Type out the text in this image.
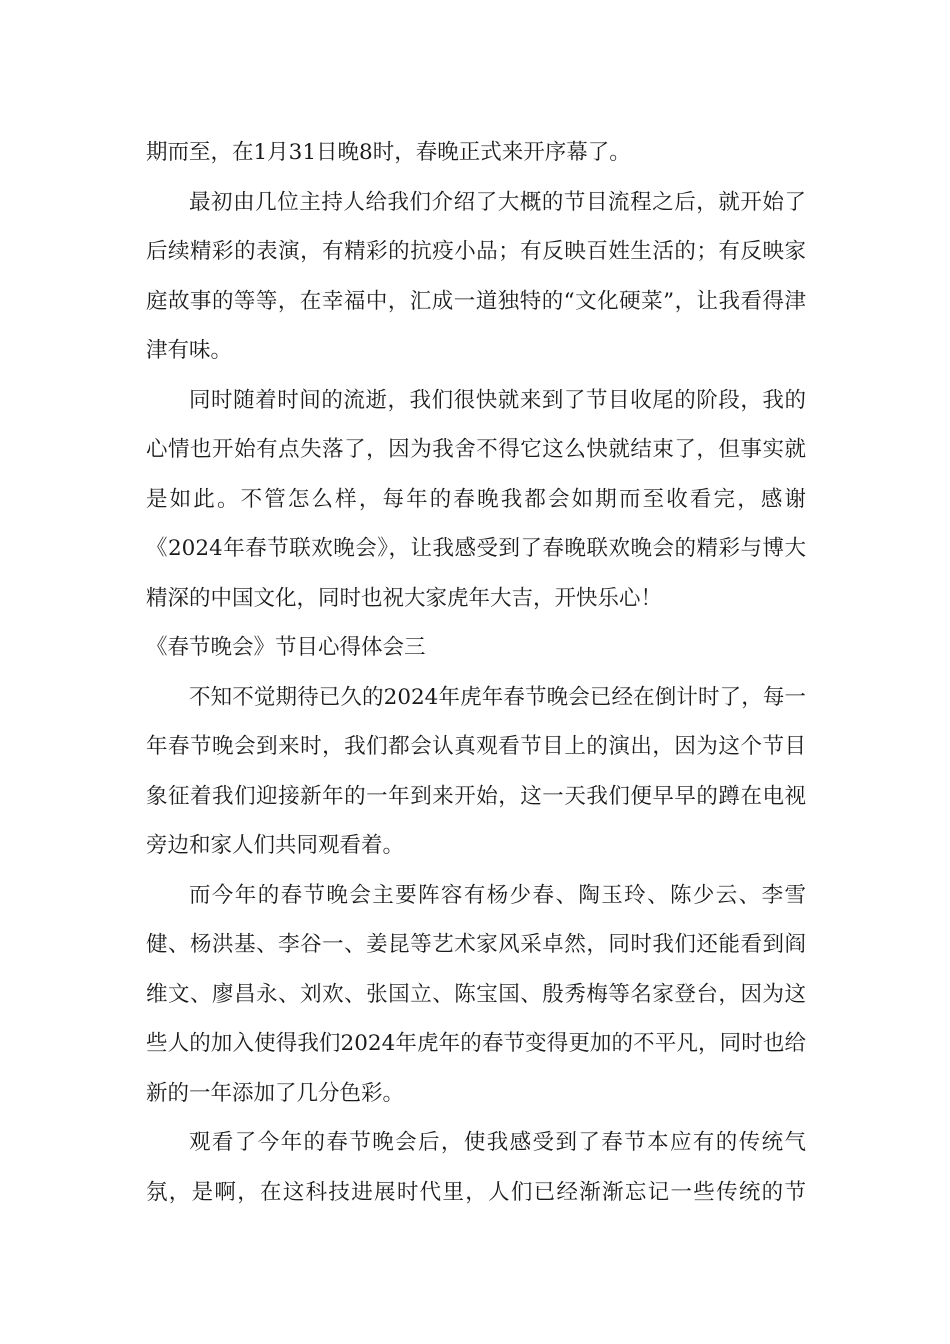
期而至，在1月31日晚8时，春晚正式来开序幕了。

最初由几位主持人给我们介绍了大概的节目流程之后，就开始了后续精彩的表演，有精彩的抗疫小品；有反映百姓生活的；有反映家庭故事的等等，在幸福中，汇成一道独特的“文化硬菜”，让我看得津津有味。

同时随着时间的流逝，我们很快就来到了节目收尾的阶段，我的心情也开始有点失落了，因为我舍不得它这么快就结束了，但事实就是如此。不管怎么样，每年的春晚我都会如期而至收看完，感谢《2024年春节联欢晚会》，让我感受到了春晚联欢晚会的精彩与博大精深的中国文化，同时也祝大家虎年大吉，开快乐心！

《春节晚会》节目心得体会三

不知不觉期待已久的2024年虎年春节晚会已经在倒计时了，每一年春节晚会到来时，我们都会认真观看节目上的演出，因为这个节目象征着我们迎接新年的一年到来开始，这一天我们便早早的蹲在电视旁边和家人们共同观看着。

而今年的春节晚会主要阵容有杨少春、陶玉玲、陈少云、李雪健、杨洪基、李谷一、姜昆等艺术家风采卓然，同时我们还能看到阎维文、廖昌永、刘欢、张国立、陈宝国、殷秀梅等名家登台，因为这些人的加入使得我们2024年虎年的春节变得更加的不平凡，同时也给新的一年添加了几分色彩。

观看了今年的春节晚会后，使我感受到了春节本应有的传统气氛，是啊，在这科技进展时代里，人们已经渐渐忘记一些传统的节
